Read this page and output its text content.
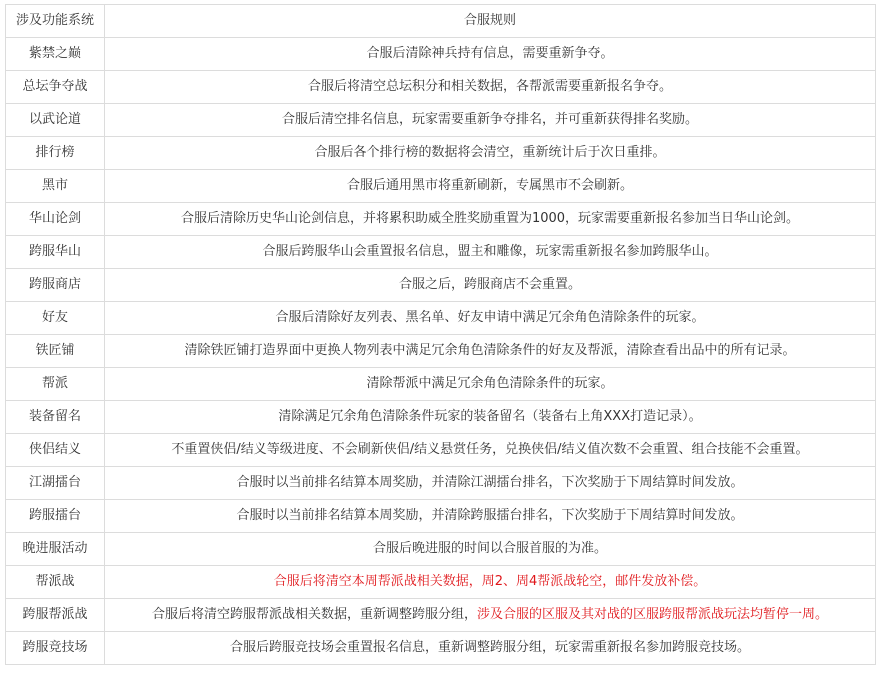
涉及功能系统	合服规则
紫禁之巅	合服后清除神兵持有信息，需要重新争夺。
总坛争夺战	合服后将清空总坛积分和相关数据，各帮派需要重新报名争夺。
以武论道	合服后清空排名信息，玩家需要重新争夺排名，并可重新获得排名奖励。
排行榜	合服后各个排行榜的数据将会清空，重新统计后于次日重排。
黑市	合服后通用黑市将重新刷新，专属黑市不会刷新。
华山论剑	合服后清除历史华山论剑信息，并将累积助威全胜奖励重置为1000，玩家需要重新报名参加当日华山论剑。
跨服华山	合服后跨服华山会重置报名信息，盟主和雕像，玩家需重新报名参加跨服华山。
跨服商店	合服之后，跨服商店不会重置。
好友	合服后清除好友列表、黑名单、好友申请中满足冗余角色清除条件的玩家。
铁匠铺	清除铁匠铺打造界面中更换人物列表中满足冗余角色清除条件的好友及帮派，清除查看出品中的所有记录。
帮派	清除帮派中满足冗余角色清除条件的玩家。
装备留名	清除满足冗余角色清除条件玩家的装备留名（装备右上角XXX打造记录）。
侠侣结义	不重置侠侣/结义等级进度、不会刷新侠侣/结义悬赏任务，兑换侠侣/结义值次数不会重置、组合技能不会重置。
江湖擂台	合服时以当前排名结算本周奖励，并清除江湖擂台排名，下次奖励于下周结算时间发放。
跨服擂台	合服时以当前排名结算本周奖励，并清除跨服擂台排名，下次奖励于下周结算时间发放。
晚进服活动	合服后晚进服的时间以合服首服的为准。
帮派战	合服后将清空本周帮派战相关数据，周2、周4帮派战轮空，邮件发放补偿。
跨服帮派战	合服后将清空跨服帮派战相关数据，重新调整跨服分组，涉及合服的区服及其对战的区服跨服帮派战玩法均暂停一周。
跨服竞技场	合服后跨服竞技场会重置报名信息，重新调整跨服分组，玩家需重新报名参加跨服竞技场。
